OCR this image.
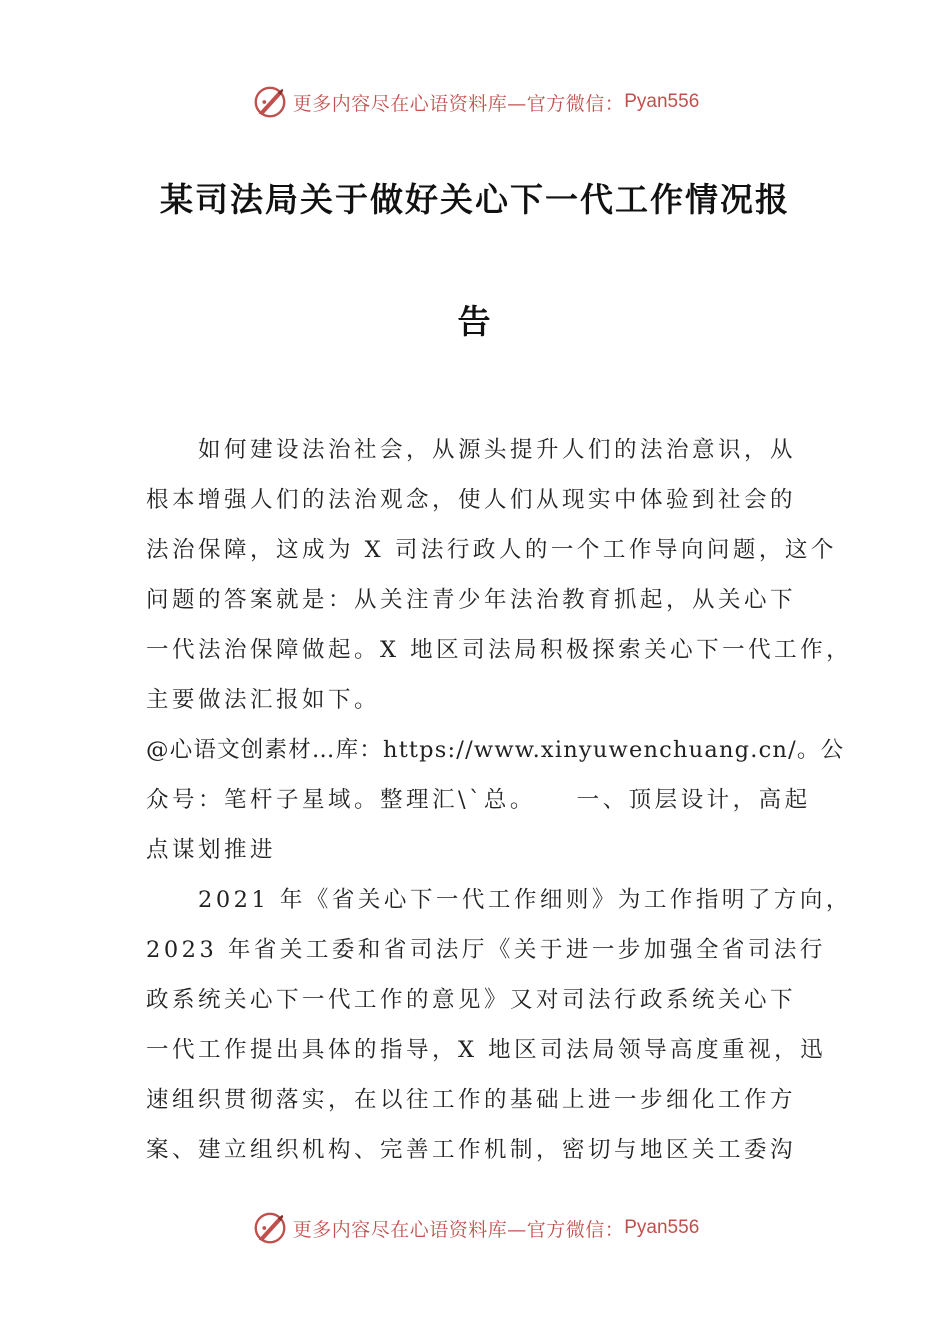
更多内容尽在心语资料库—官方微信： Pyan556
某司法局关于做好关心下一代工作情况报
告
如何建设法治社会，从源头提升人们的法治意识，从
根本增强人们的法治观念，使人们从现实中体验到社会的
法治保障，这成为 X 司法行政人的一个工作导向问题，这个
问题的答案就是：从关注青少年法治教育抓起，从关心下
一代法治保障做起。X 地区司法局积极探索关心下一代工作，
主要做法汇报如下。
@心语文创素材…库：https://www.xinyuwenchuang.cn/。公
众号：笔杆子星域。整理汇\`总。　　一、顶层设计，高起
点谋划推进
2021 年《省关心下一代工作细则》为工作指明了方向，
2023 年省关工委和省司法厅《关于进一步加强全省司法行
政系统关心下一代工作的意见》又对司法行政系统关心下
一代工作提出具体的指导，X 地区司法局领导高度重视，迅
速组织贯彻落实，在以往工作的基础上进一步细化工作方
案、建立组织机构、完善工作机制，密切与地区关工委沟
更多内容尽在心语资料库—官方微信： Pyan556
